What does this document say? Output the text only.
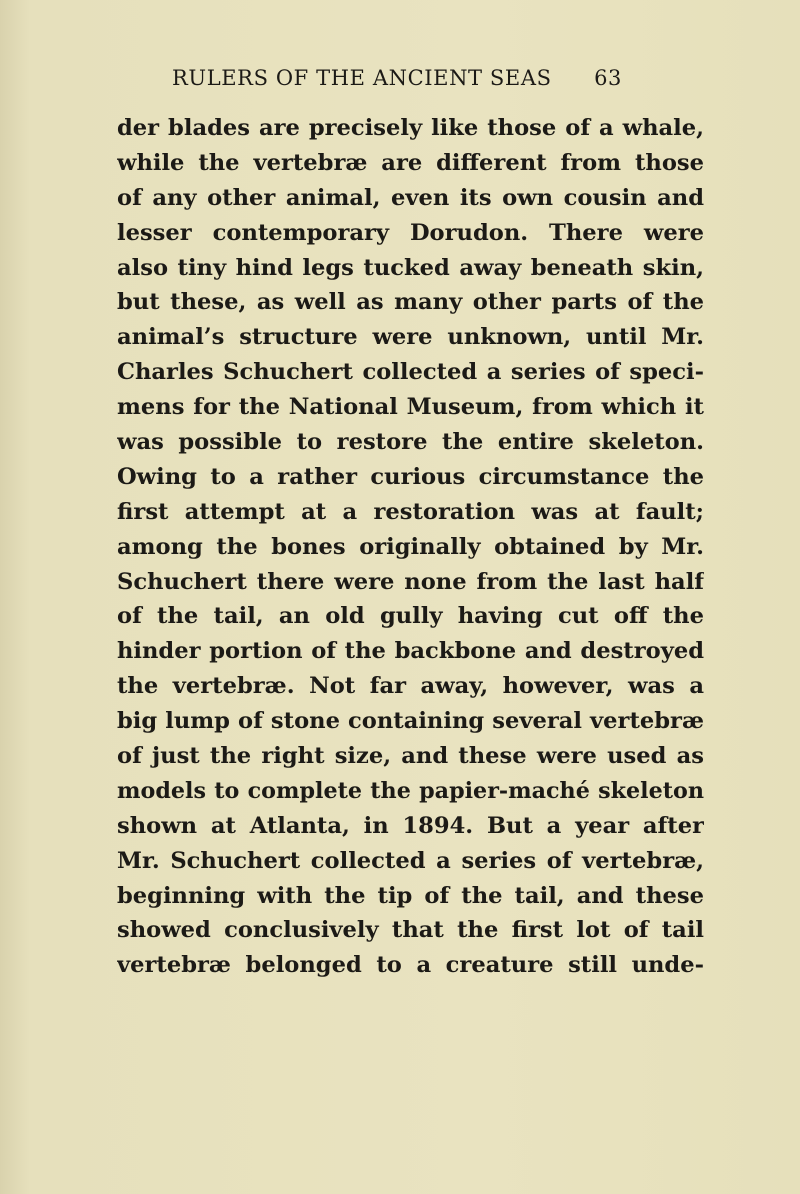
RULERS OF THE ANCIENT SEAS 63
der blades are precisely like those of a whale,
while the vertebræ are different from those
of any other animal, even its own cousin and
lesser contemporary Dorudon. There were
also tiny hind legs tucked away beneath skin,
but these, as well as many other parts of the
animal’s structure were unknown, until Mr.
Charles Schuchert collected a series of speci-
mens for the National Museum, from which it
was possible to restore the entire skeleton.
Owing to a rather curious circumstance the
first attempt at a restoration was at fault;
among the bones originally obtained by Mr.
Schuchert there were none from the last half
of the tail, an old gully having cut off the
hinder portion of the backbone and destroyed
the vertebræ. Not far away, however, was a
big lump of stone containing several vertebræ
of just the right size, and these were used as
models to complete the papier-maché skeleton
shown at Atlanta, in 1894. But a year after
Mr. Schuchert collected a series of vertebræ,
beginning with the tip of the tail, and these
showed conclusively that the first lot of tail
vertebræ belonged to a creature still unde-
